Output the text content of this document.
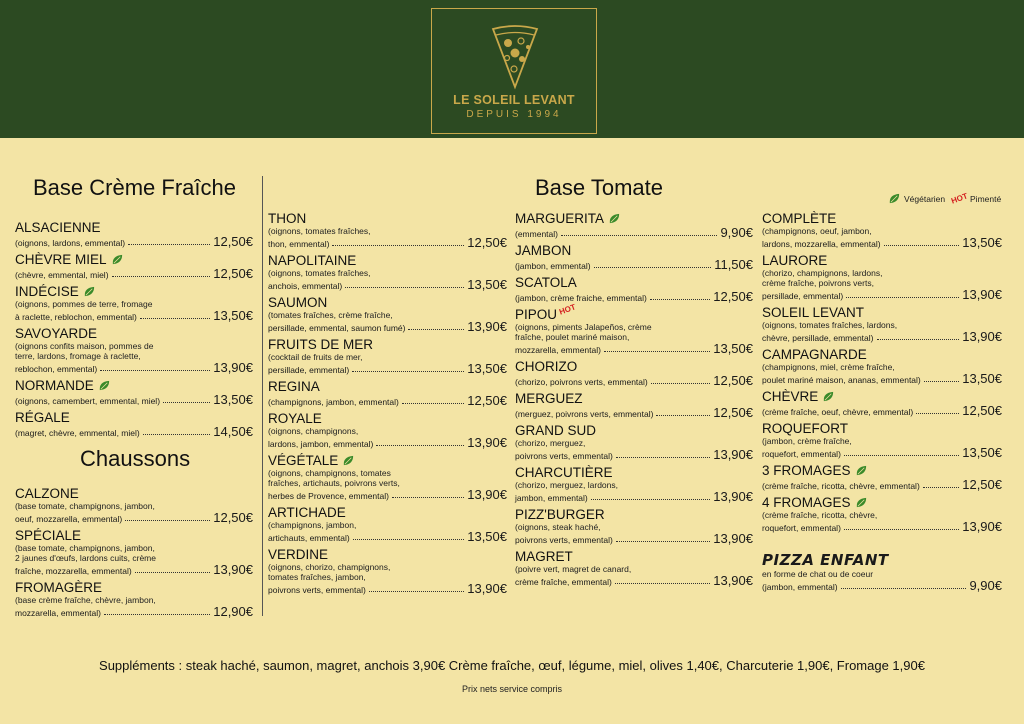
LE SOLEIL LEVANT
DEPUIS 1994
Base Crème Fraîche	Base Tomate
Chaussons
Végétarien HOT Pimenté
ALSACIENNE
(oignons, lardons, emmental)	12,50€
CHÈVRE MIEL
(chèvre, emmental, miel)	12,50€
INDÉCISE
(oignons, pommes de terre, fromage
à raclette, reblochon, emmental)	13,50€
SAVOYARDE
(oignons confits maison, pommes de
terre, lardons, fromage à raclette,
reblochon, emmental)	13,90€
NORMANDE
(oignons, camembert, emmental, miel)	13,50€
RÉGALE
(magret, chèvre, emmental, miel)	14,50€
CALZONE
(base tomate, champignons, jambon,
oeuf, mozzarella, emmental)	12,50€
SPÉCIALE
(base tomate, champignons, jambon,
2 jaunes d'œufs, lardons cuits, crème
fraîche, mozzarella, emmental)	13,90€
FROMAGÈRE
(base crème fraîche, chèvre, jambon,
mozzarella, emmental)	12,90€
THON
(oignons, tomates fraîches,
thon, emmental)	12,50€
NAPOLITAINE
(oignons, tomates fraîches,
anchois, emmental)	13,50€
SAUMON
(tomates fraîches, crème fraîche,
persillade, emmental, saumon fumé)	13,90€
FRUITS DE MER
(cocktail de fruits de mer,
persillade, emmental)	13,50€
REGINA
(champignons, jambon, emmental)	12,50€
ROYALE
(oignons, champignons,
lardons, jambon, emmental)	13,90€
VÉGÉTALE
(oignons, champignons, tomates
fraîches, artichauts, poivrons verts,
herbes de Provence, emmental)	13,90€
ARTICHADE
(champignons, jambon,
artichauts, emmental)	13,50€
VERDINE
(oignons, chorizo, champignons,
tomates fraîches, jambon,
poivrons verts, emmental)	13,90€
MARGUERITA
(emmental)	9,90€
JAMBON
(jambon, emmental)	11,50€
SCATOLA
(jambon, crème fraiche, emmental)	12,50€
PIPOU HOT
(oignons, piments Jalapeños, crème
fraîche, poulet mariné maison,
mozzarella, emmental)	13,50€
CHORIZO
(chorizo, poivrons verts, emmental)	12,50€
MERGUEZ
(merguez, poivrons verts, emmental)	12,50€
GRAND SUD
(chorizo, merguez,
poivrons verts, emmental)	13,90€
CHARCUTIÈRE
(chorizo, merguez, lardons,
jambon, emmental)	13,90€
PIZZ'BURGER
(oignons, steak haché,
poivrons verts, emmental)	13,90€
MAGRET
(poivre vert, magret de canard,
crème fraîche, emmental)	13,90€
COMPLÈTE
(champignons, oeuf, jambon,
lardons, mozzarella, emmental)	13,50€
LAURORE
(chorizo, champignons, lardons,
crème fraîche, poivrons verts,
persillade, emmental)	13,90€
SOLEIL LEVANT
(oignons, tomates fraîches, lardons,
chèvre, persillade, emmental)	13,90€
CAMPAGNARDE
(champignons, miel, crème fraîche,
poulet mariné maison, ananas, emmental)	13,50€
CHÈVRE
(crème fraîche, oeuf, chèvre, emmental)	12,50€
ROQUEFORT
(jambon, crème fraîche,
roquefort, emmental)	13,50€
3 FROMAGES
(crème fraîche, ricotta, chèvre, emmental)	12,50€
4 FROMAGES
(crème fraîche, ricotta, chèvre,
roquefort, emmental)	13,90€
PIZZA ENFANT
en forme de chat ou de coeur
(jambon, emmental)	9,90€
Suppléments : steak haché, saumon, magret, anchois 3,90€ Crème fraîche, œuf, légume, miel, olives 1,40€, Charcuterie 1,90€, Fromage 1,90€
Prix nets service compris
